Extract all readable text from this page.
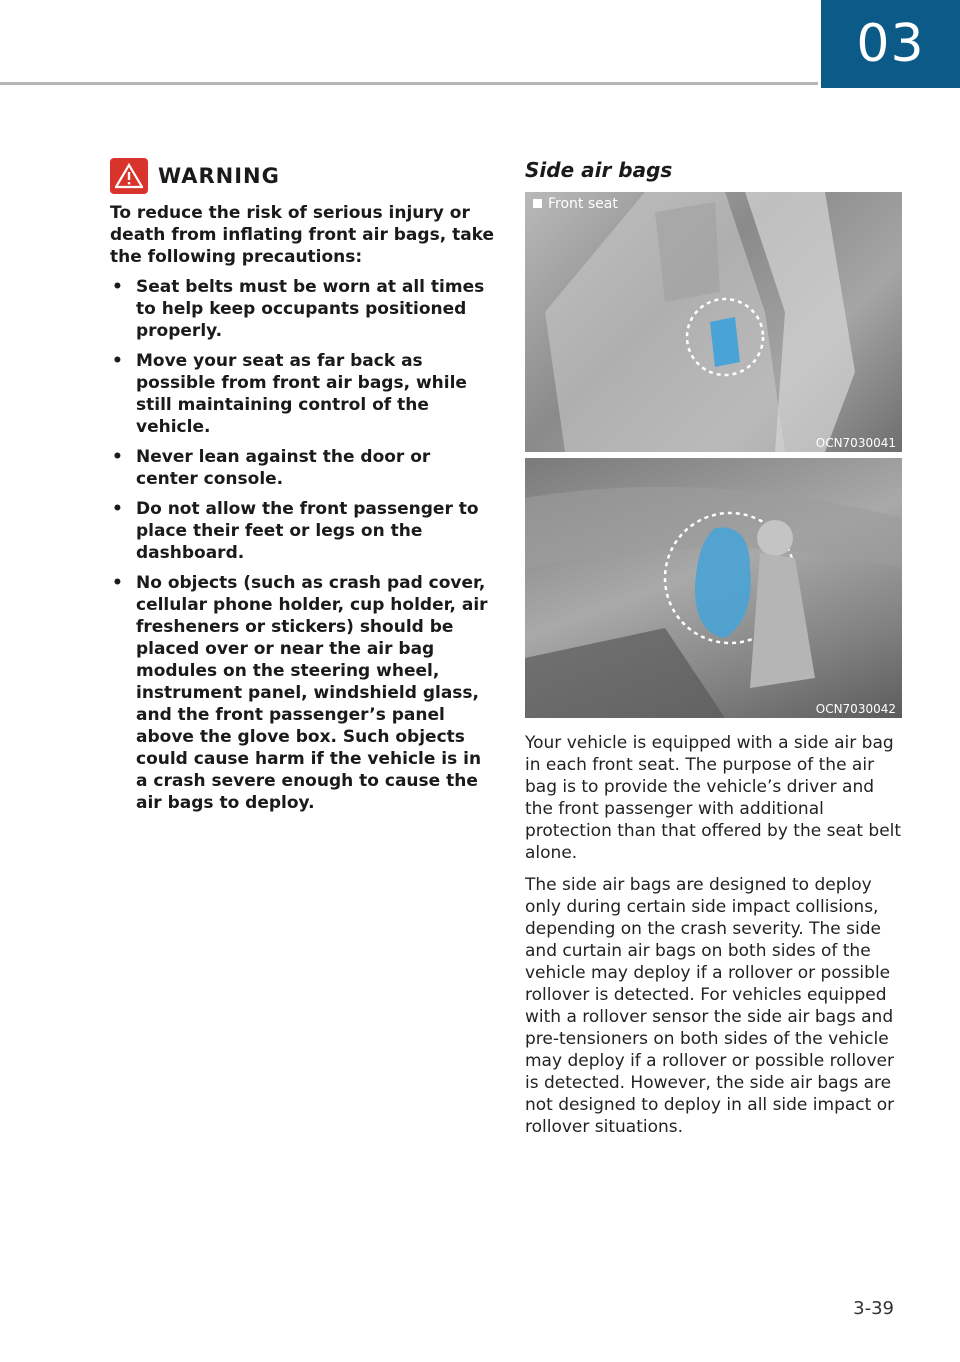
03
WARNING

To reduce the risk of serious injury or death from inflating front air bags, take the following precautions:

• Seat belts must be worn at all times to help keep occupants positioned properly.
• Move your seat as far back as possible from front air bags, while still maintaining control of the vehicle.
• Never lean against the door or center console.
• Do not allow the front passenger to place their feet or legs on the dashboard.
• No objects (such as crash pad cover, cellular phone holder, cup holder, air fresheners or stickers) should be placed over or near the air bag modules on the steering wheel, instrument panel, windshield glass, and the front passenger’s panel above the glove box. Such objects could cause harm if the vehicle is in a crash severe enough to cause the air bags to deploy.
Side air bags
Front seat
OCN7030041
OCN7030042

Your vehicle is equipped with a side air bag in each front seat. The purpose of the air bag is to provide the vehicle’s driver and the front passenger with additional protection than that offered by the seat belt alone.

The side air bags are designed to deploy only during certain side impact collisions, depending on the crash severity. The side and curtain air bags on both sides of the vehicle may deploy if a rollover or possible rollover is detected. For vehicles equipped with a rollover sensor the side air bags and pre-tensioners on both sides of the vehicle may deploy if a rollover or possible rollover is detected. However, the side air bags are not designed to deploy in all side impact or rollover situations.

3-39
